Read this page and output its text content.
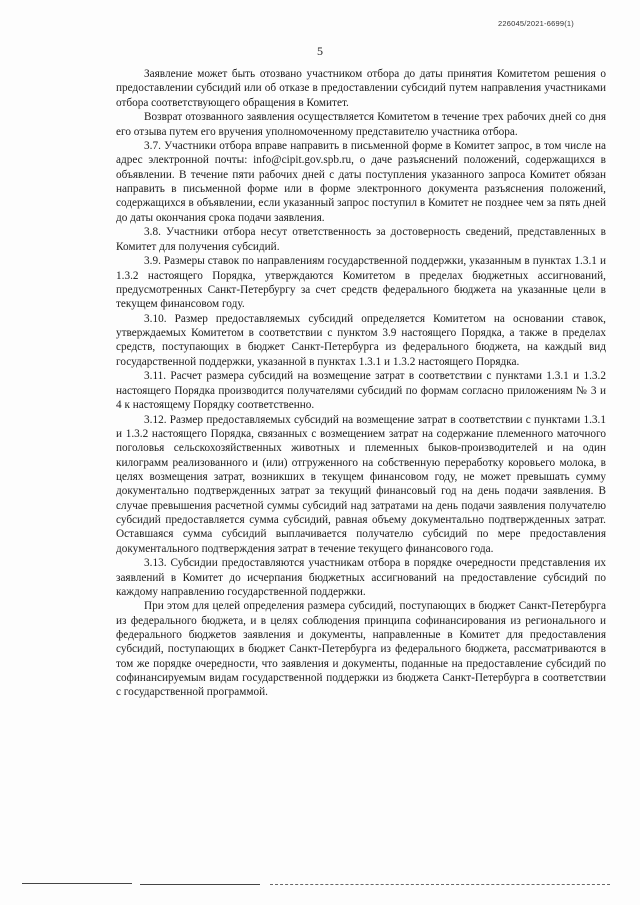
226045/2021-6699(1)
5

Заявление может быть отозвано участником отбора до даты принятия Комитетом решения о предоставлении субсидий или об отказе в предоставлении субсидий путем направления участниками отбора соответствующего обращения в Комитет.

Возврат отозванного заявления осуществляется Комитетом в течение трех рабочих дней со дня его отзыва путем его вручения уполномоченному представителю участника отбора.

3.7. Участники отбора вправе направить в письменной форме в Комитет запрос, в том числе на адрес электронной почты: info@cipit.gov.spb.ru, о даче разъяснений положений, содержащихся в объявлении. В течение пяти рабочих дней с даты поступления указанного запроса Комитет обязан направить в письменной форме или в форме электронного документа разъяснения положений, содержащихся в объявлении, если указанный запрос поступил в Комитет не позднее чем за пять дней до даты окончания срока подачи заявления.

3.8. Участники отбора несут ответственность за достоверность сведений, представленных в Комитет для получения субсидий.

3.9. Размеры ставок по направлениям государственной поддержки, указанным в пунктах 1.3.1 и 1.3.2 настоящего Порядка, утверждаются Комитетом в пределах бюджетных ассигнований, предусмотренных Санкт-Петербургу за счет средств федерального бюджета на указанные цели в текущем финансовом году.

3.10. Размер предоставляемых субсидий определяется Комитетом на основании ставок, утверждаемых Комитетом в соответствии с пунктом 3.9 настоящего Порядка, а также в пределах средств, поступающих в бюджет Санкт-Петербурга из федерального бюджета, на каждый вид государственной поддержки, указанной в пунктах 1.3.1 и 1.3.2 настоящего Порядка.

3.11. Расчет размера субсидий на возмещение затрат в соответствии с пунктами 1.3.1 и 1.3.2 настоящего Порядка производится получателями субсидий по формам согласно приложениям № 3 и 4 к настоящему Порядку соответственно.

3.12. Размер предоставляемых субсидий на возмещение затрат в соответствии с пунктами 1.3.1 и 1.3.2 настоящего Порядка, связанных с возмещением затрат на содержание племенного маточного поголовья сельскохозяйственных животных и племенных быков-производителей и на один килограмм реализованного и (или) отгруженного на собственную переработку коровьего молока, в целях возмещения затрат, возникших в текущем финансовом году, не может превышать сумму документально подтвержденных затрат за текущий финансовый год на день подачи заявления. В случае превышения расчетной суммы субсидий над затратами на день подачи заявления получателю субсидий предоставляется сумма субсидий, равная объему документально подтвержденных затрат. Оставшаяся сумма субсидий выплачивается получателю субсидий по мере предоставления документального подтверждения затрат в течение текущего финансового года.

3.13. Субсидии предоставляются участникам отбора в порядке очередности представления их заявлений в Комитет до исчерпания бюджетных ассигнований на предоставление субсидий по каждому направлению государственной поддержки.

При этом для целей определения размера субсидий, поступающих в бюджет Санкт-Петербурга из федерального бюджета, и в целях соблюдения принципа софинансирования из регионального и федерального бюджетов заявления и документы, направленные в Комитет для предоставления субсидий, поступающих в бюджет Санкт-Петербурга из федерального бюджета, рассматриваются в том же порядке очередности, что заявления и документы, поданные на предоставление субсидий по софинансируемым видам государственной поддержки из бюджета Санкт-Петербурга в соответствии с государственной программой.
